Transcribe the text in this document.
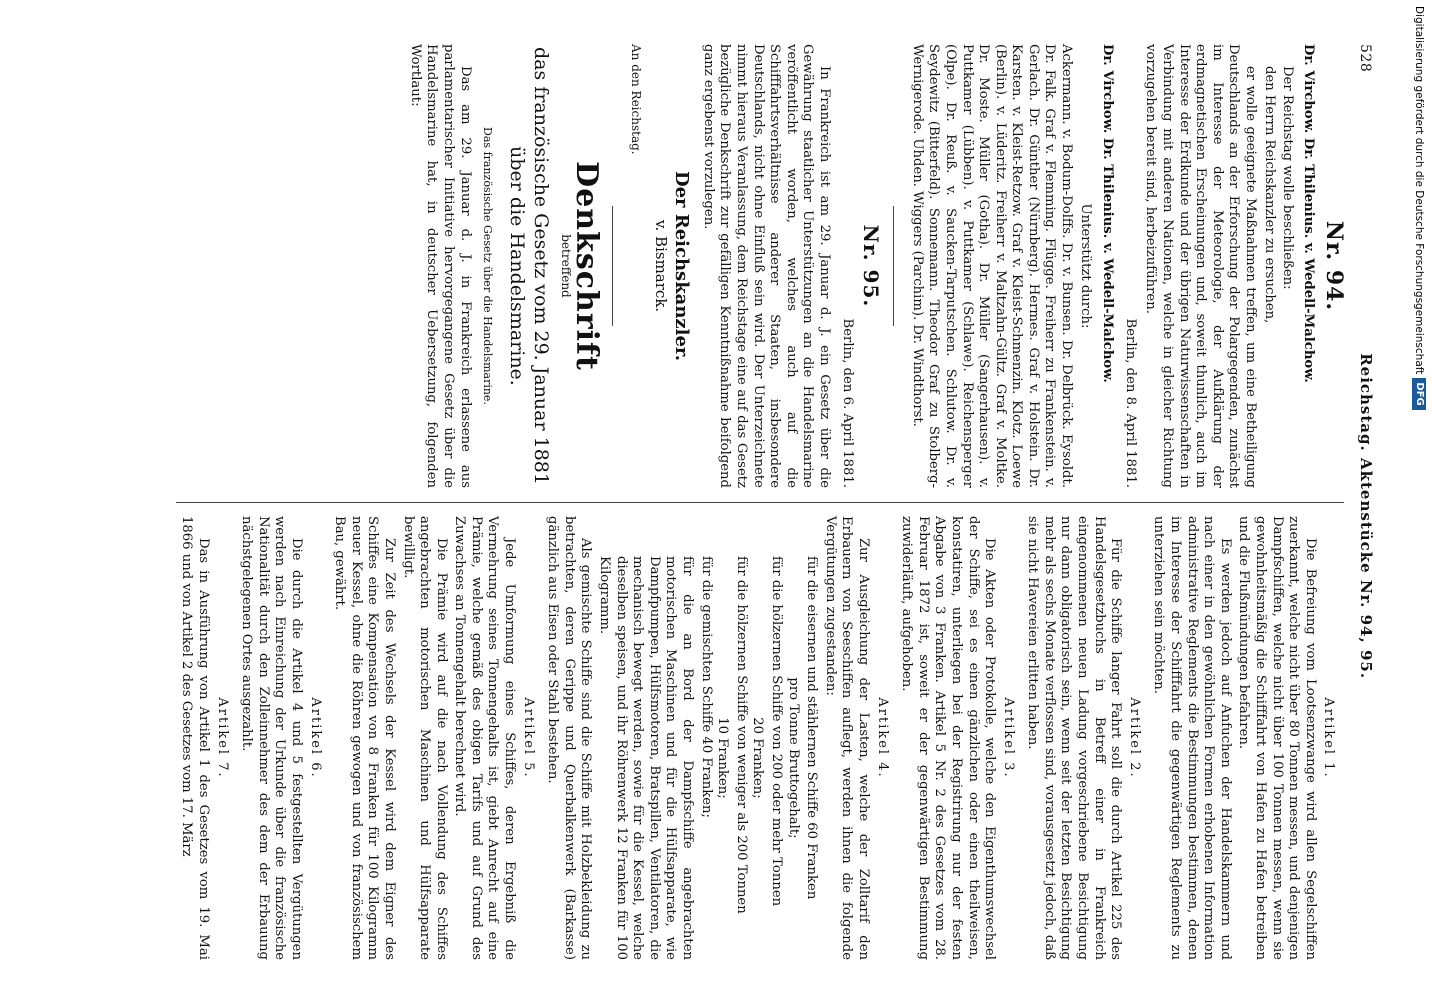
528
Reichstag. Aktenstücke Nr. 94, 95.
Nr. 94.

Dr. Virchow. Dr. Thilenius. v. Wedell-Malchow.

Der Reichstag wolle beschließen:

den Herrn Reichskanzler zu ersuchen,

er wolle geeignete Maßnahmen treffen, um eine Betheiligung Deutschlands an der Erforschung der Polargegenden, zunächst im Interesse der Meteorologie, der Aufklärung der erdmagnetischen Erscheinungen und, soweit thunlich, auch im Interesse der Erdkunde und der übrigen Naturwissenschaften in Verbindung mit anderen Nationen, welche in gleicher Richtung vorzugehen bereit sind, herbeizuführen.

Berlin, den 8. April 1881.

Dr. Virchow. Dr. Thilenius. v. Wedell-Malchow.

Unterstützt durch:

Ackermann. v. Bodum-Dolffs. Dr. v. Bunsen. Dr. Delbrück. Eysoldt. Dr. Falk. Graf v. Flemming. Flügge. Freiherr zu Frankenstein. v. Gerlach. Dr. Günther (Nürnberg). Hermes. Graf v. Holstein. Dr. Karsten. v. Kleist-Retzow. Graf v. Kleist-Schmenzin. Klotz. Loewe (Berlin). v. Lüderitz. Freiherr v. Maltzahn-Gültz. Graf v. Moltke. Dr. Moste. Müller (Gotha). Dr. Müller (Sangerhausen). v. Puttkamer (Lübben). v. Puttkamer (Schlawe). Reichensperger (Olpe). Dr. Reuß. v. Saucken-Tarputschen. Schlutow. Dr. v. Seydewitz (Bitterfeld). Sonnemann. Theodor Graf zu Stolberg-Wernigerode. Uhden. Wiggers (Parchim). Dr. Windthorst.

Nr. 95.

Berlin, den 6. April 1881.

In Frankreich ist am 29. Januar d. J. ein Gesetz über die Gewährung staatlicher Unterstützungen an die Handelsmarine veröffentlicht worden, welches auch auf die Schifffahrtsverhältnisse anderer Staaten, insbesondere Deutschlands, nicht ohne Einfluß sein wird. Der Unterzeichnete nimmt hieraus Veranlassung, dem Reichstage eine auf das Gesetz bezügliche Denkschrift zur gefälligen Kenntnißnahme beifolgend ganz ergebenst vorzulegen.

Der Reichskanzler.
v. Bismarck.

An den Reichstag.

Denkschrift
betreffend
das französische Gesetz vom 29. Januar 1881 über die Handelsmarine.
Das französische Gesetz über die Handelsmarine.

Das am 29. Januar d. J. in Frankreich erlassene aus parlamentarischer Initiative hervorgegangene Gesetz über die Handelsmarine hat, in deutscher Uebersetzung, folgenden Wortlaut:

Artikel 1.

Die Befreiung vom Lootsenzwange wird allen Segelschiffen zuerkannt, welche nicht über 80 Tonnen messen, und denjenigen Dampfschiffen, welche nicht über 100 Tonnen messen, wenn sie gewohnheitsmäßig die Schifffahrt von Hafen zu Hafen betreiben und die Flußmündungen befahren.

Es werden jedoch auf Anfuchen der Handelskammern und nach einer in den gewöhnlichen Formen erhobenen Information administrative Reglements die Bestimmungen bestimmen, denen im Interesse der Schifffahrt die gegenwärtigen Reglements zu unterziehen sein möchten.

Artikel 2.

Für die Schiffe langer Fahrt soll die durch Artikel 225 des Handelsgesetzbuchs in Betreff einer in Frankreich eingenommenen neuen Ladung vorgeschriebene Besichtigung nur dann obligatorisch sein, wenn seit der letzten Besichtigung mehr als sechs Monate verflossen sind, vorausgesetzt jedoch, daß sie nicht Havereien erlitten haben.

Artikel 3.

Die Akten oder Protokolle, welche den Eigenthumswechsel der Schiffe, sei es einen gänzlichen oder einen theilweisen, konstatiren, unterliegen bei der Registrirung nur der festen Abgabe von 3 Franken. Artikel 5 Nr. 2 des Gesetzes vom 28. Februar 1872 ist, soweit er der gegenwärtigen Bestimmung zuwiderläuft, aufgehoben.

Artikel 4.

Zur Ausgleichung der Lasten, welche der Zolltarif den Erbauern von Seeschiffen auflegt, werden ihnen die folgende Vergütungen zugestanden:

für die eisernen und stählernen Schiffe 60 Franken

pro Tonne Bruttogehalt;

für die hölzernen Schiffe von 200 oder mehr Tonnen

20 Franken;

für die hölzernen Schiffe von weniger als 200 Tonnen

10 Franken;

für die gemischten Schiffe 40 Franken;

für die an Bord der Dampfschiffe angebrachten motorischen Maschinen und für die Hülfsapparate, wie Dampfpumpen, Hülfsmotoren, Bratspillen, Ventilatoren, die mechanisch bewegt werden, sowie für die Kessel, welche dieselben speisen, und ihr Röhrenwerk 12 Franken für 100 Kilogramm.

Als gemischte Schiffe sind die Schiffe mit Holzbekleidung zu betrachten, deren Gerippe und Querbalkenwerk (Barkasse) gänzlich aus Eisen oder Stahl bestehen.

Artikel 5.

Jede Umformung eines Schiffes, deren Ergebniß die Vermehrung seines Tonnengehalts ist, giebt Anrecht auf eine Prämie, welche gemäß des obigen Tarifs und auf Grund des Zuwachses an Tonnengehalt berechnet wird.

Die Prämie wird auf die nach Vollendung des Schiffes angebrachten motorischen Maschinen und Hülfsapparate bewilligt.

Zur Zeit des Wechsels der Kessel wird dem Eigner des Schiffes eine Kompensation von 8 Franken für 100 Kilogramm neuer Kessel, ohne die Röhren gewogen und von französischem Bau, gewährt.

Artikel 6.

Die durch die Artikel 4 und 5 festgestellten Vergütungen werden nach Einreichung der Urkunde über die französische Nationalität durch den Zolleinnehmer des dem der Erbauung nächstgelegenen Ortes ausgezahlt.

Artikel 7.

Das in Ausführung von Artikel 1 des Gesetzes vom 19. Mai 1866 und von Artikel 2 des Gesetzes vom 17. März

Digitalisierung gefördert durch die Deutsche Forschungsgemeinschaft
DFG
